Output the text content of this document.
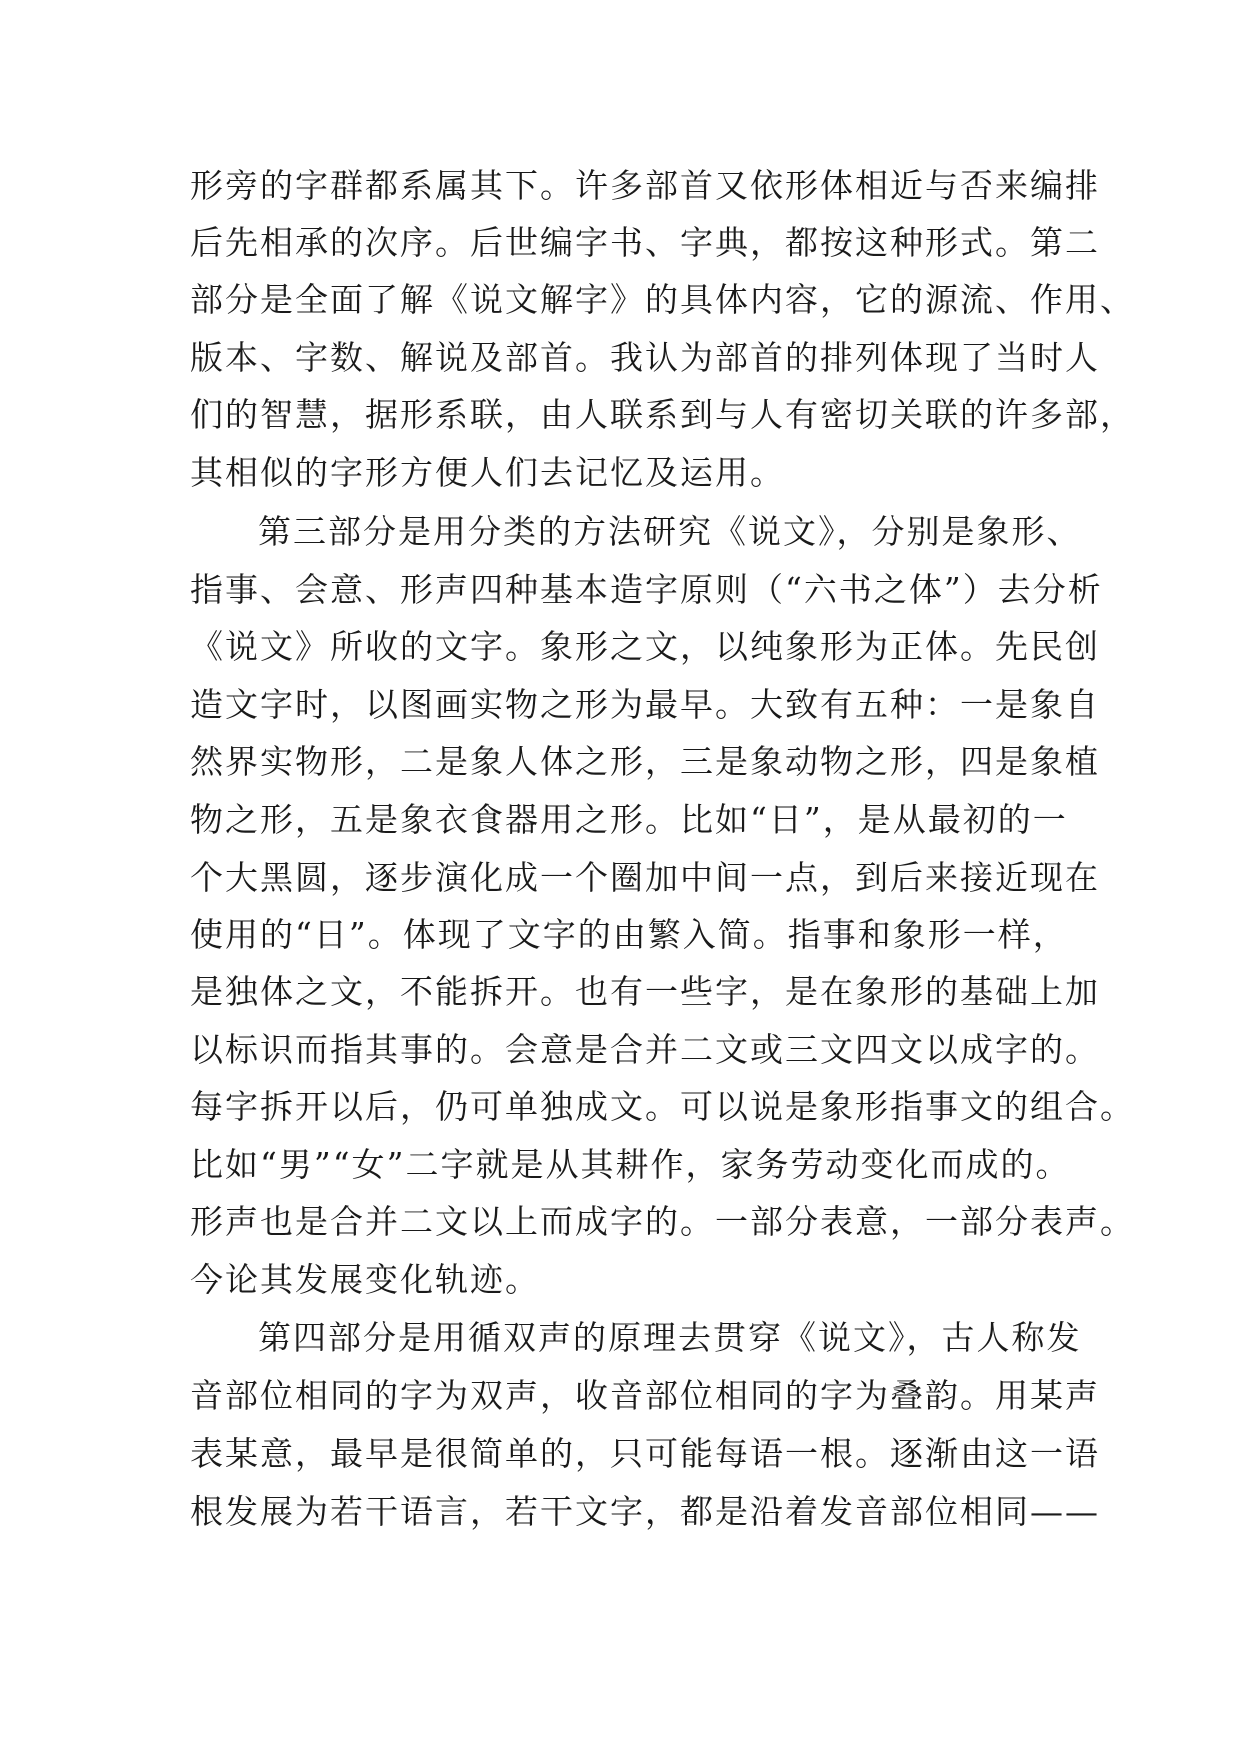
形旁的字群都系属其下。许多部首又依形体相近与否来编排
后先相承的次序。后世编字书、字典，都按这种形式。第二
部分是全面了解《说文解字》的具体内容，它的源流、作用、
版本、字数、解说及部首。我认为部首的排列体现了当时人
们的智慧，据形系联，由人联系到与人有密切关联的许多部，
其相似的字形方便人们去记忆及运用。
第三部分是用分类的方法研究《说文》，分别是象形、
指事、会意、形声四种基本造字原则（“六书之体”）去分析
《说文》所收的文字。象形之文，以纯象形为正体。先民创
造文字时，以图画实物之形为最早。大致有五种：一是象自
然界实物形，二是象人体之形，三是象动物之形，四是象植
物之形，五是象衣食器用之形。比如“日”，是从最初的一
个大黑圆，逐步演化成一个圈加中间一点，到后来接近现在
使用的“日”。体现了文字的由繁入简。指事和象形一样，
是独体之文，不能拆开。也有一些字，是在象形的基础上加
以标识而指其事的。会意是合并二文或三文四文以成字的。
每字拆开以后，仍可单独成文。可以说是象形指事文的组合。
比如“男”“女”二字就是从其耕作，家务劳动变化而成的。
形声也是合并二文以上而成字的。一部分表意，一部分表声。
今论其发展变化轨迹。
第四部分是用循双声的原理去贯穿《说文》，古人称发
音部位相同的字为双声，收音部位相同的字为叠韵。用某声
表某意，最早是很简单的，只可能每语一根。逐渐由这一语
根发展为若干语言，若干文字，都是沿着发音部位相同——
